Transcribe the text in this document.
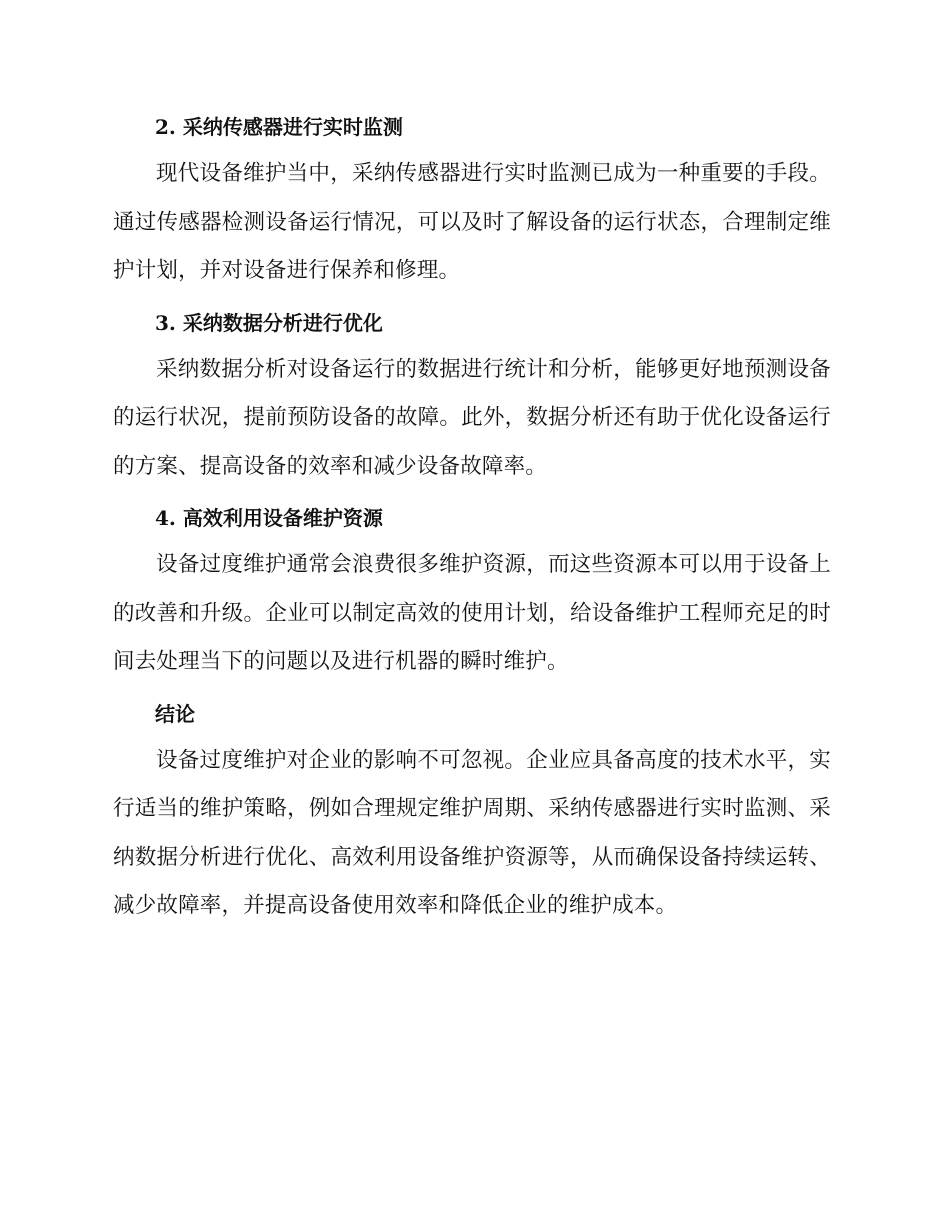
2. 采纳传感器进行实时监测

现代设备维护当中，采纳传感器进行实时监测已成为一种重要的手段。通过传感器检测设备运行情况，可以及时了解设备的运行状态，合理制定维护计划，并对设备进行保养和修理。

3. 采纳数据分析进行优化

采纳数据分析对设备运行的数据进行统计和分析，能够更好地预测设备的运行状况，提前预防设备的故障。此外，数据分析还有助于优化设备运行的方案、提高设备的效率和减少设备故障率。

4. 高效利用设备维护资源

设备过度维护通常会浪费很多维护资源，而这些资源本可以用于设备上的改善和升级。企业可以制定高效的使用计划，给设备维护工程师充足的时间去处理当下的问题以及进行机器的瞬时维护。

结论

设备过度维护对企业的影响不可忽视。企业应具备高度的技术水平，实行适当的维护策略，例如合理规定维护周期、采纳传感器进行实时监测、采纳数据分析进行优化、高效利用设备维护资源等，从而确保设备持续运转、减少故障率，并提高设备使用效率和降低企业的维护成本。
